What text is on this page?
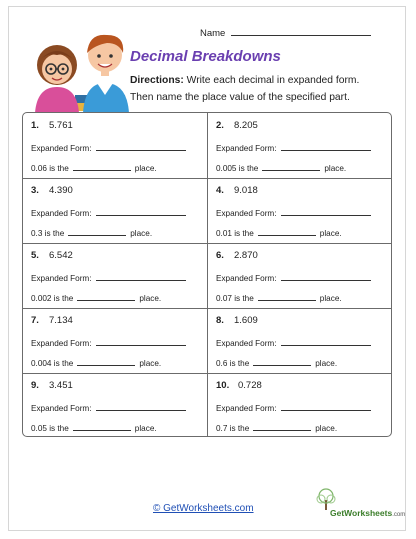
Name
Decimal Breakdowns
Directions: Write each decimal in expanded form. Then name the place value of the specified part.
1. 5.761
Expanded Form:
0.06 is the	place.
2. 8.205
Expanded Form:
0.005 is the	place.
3. 4.390
Expanded Form:
0.3 is the	place.
4. 9.018
Expanded Form:
0.01 is the	place.
5. 6.542
Expanded Form:
0.002 is the	place.
6. 2.870
Expanded Form:
0.07 is the	place.
7. 7.134
Expanded Form:
0.004 is the	place.
8. 1.609
Expanded Form:
0.6 is the	place.
9. 3.451
Expanded Form:
0.05 is the	place.
10. 0.728
Expanded Form:
0.7 is the	place.
© GetWorksheets.com	GetWorksheets.com
